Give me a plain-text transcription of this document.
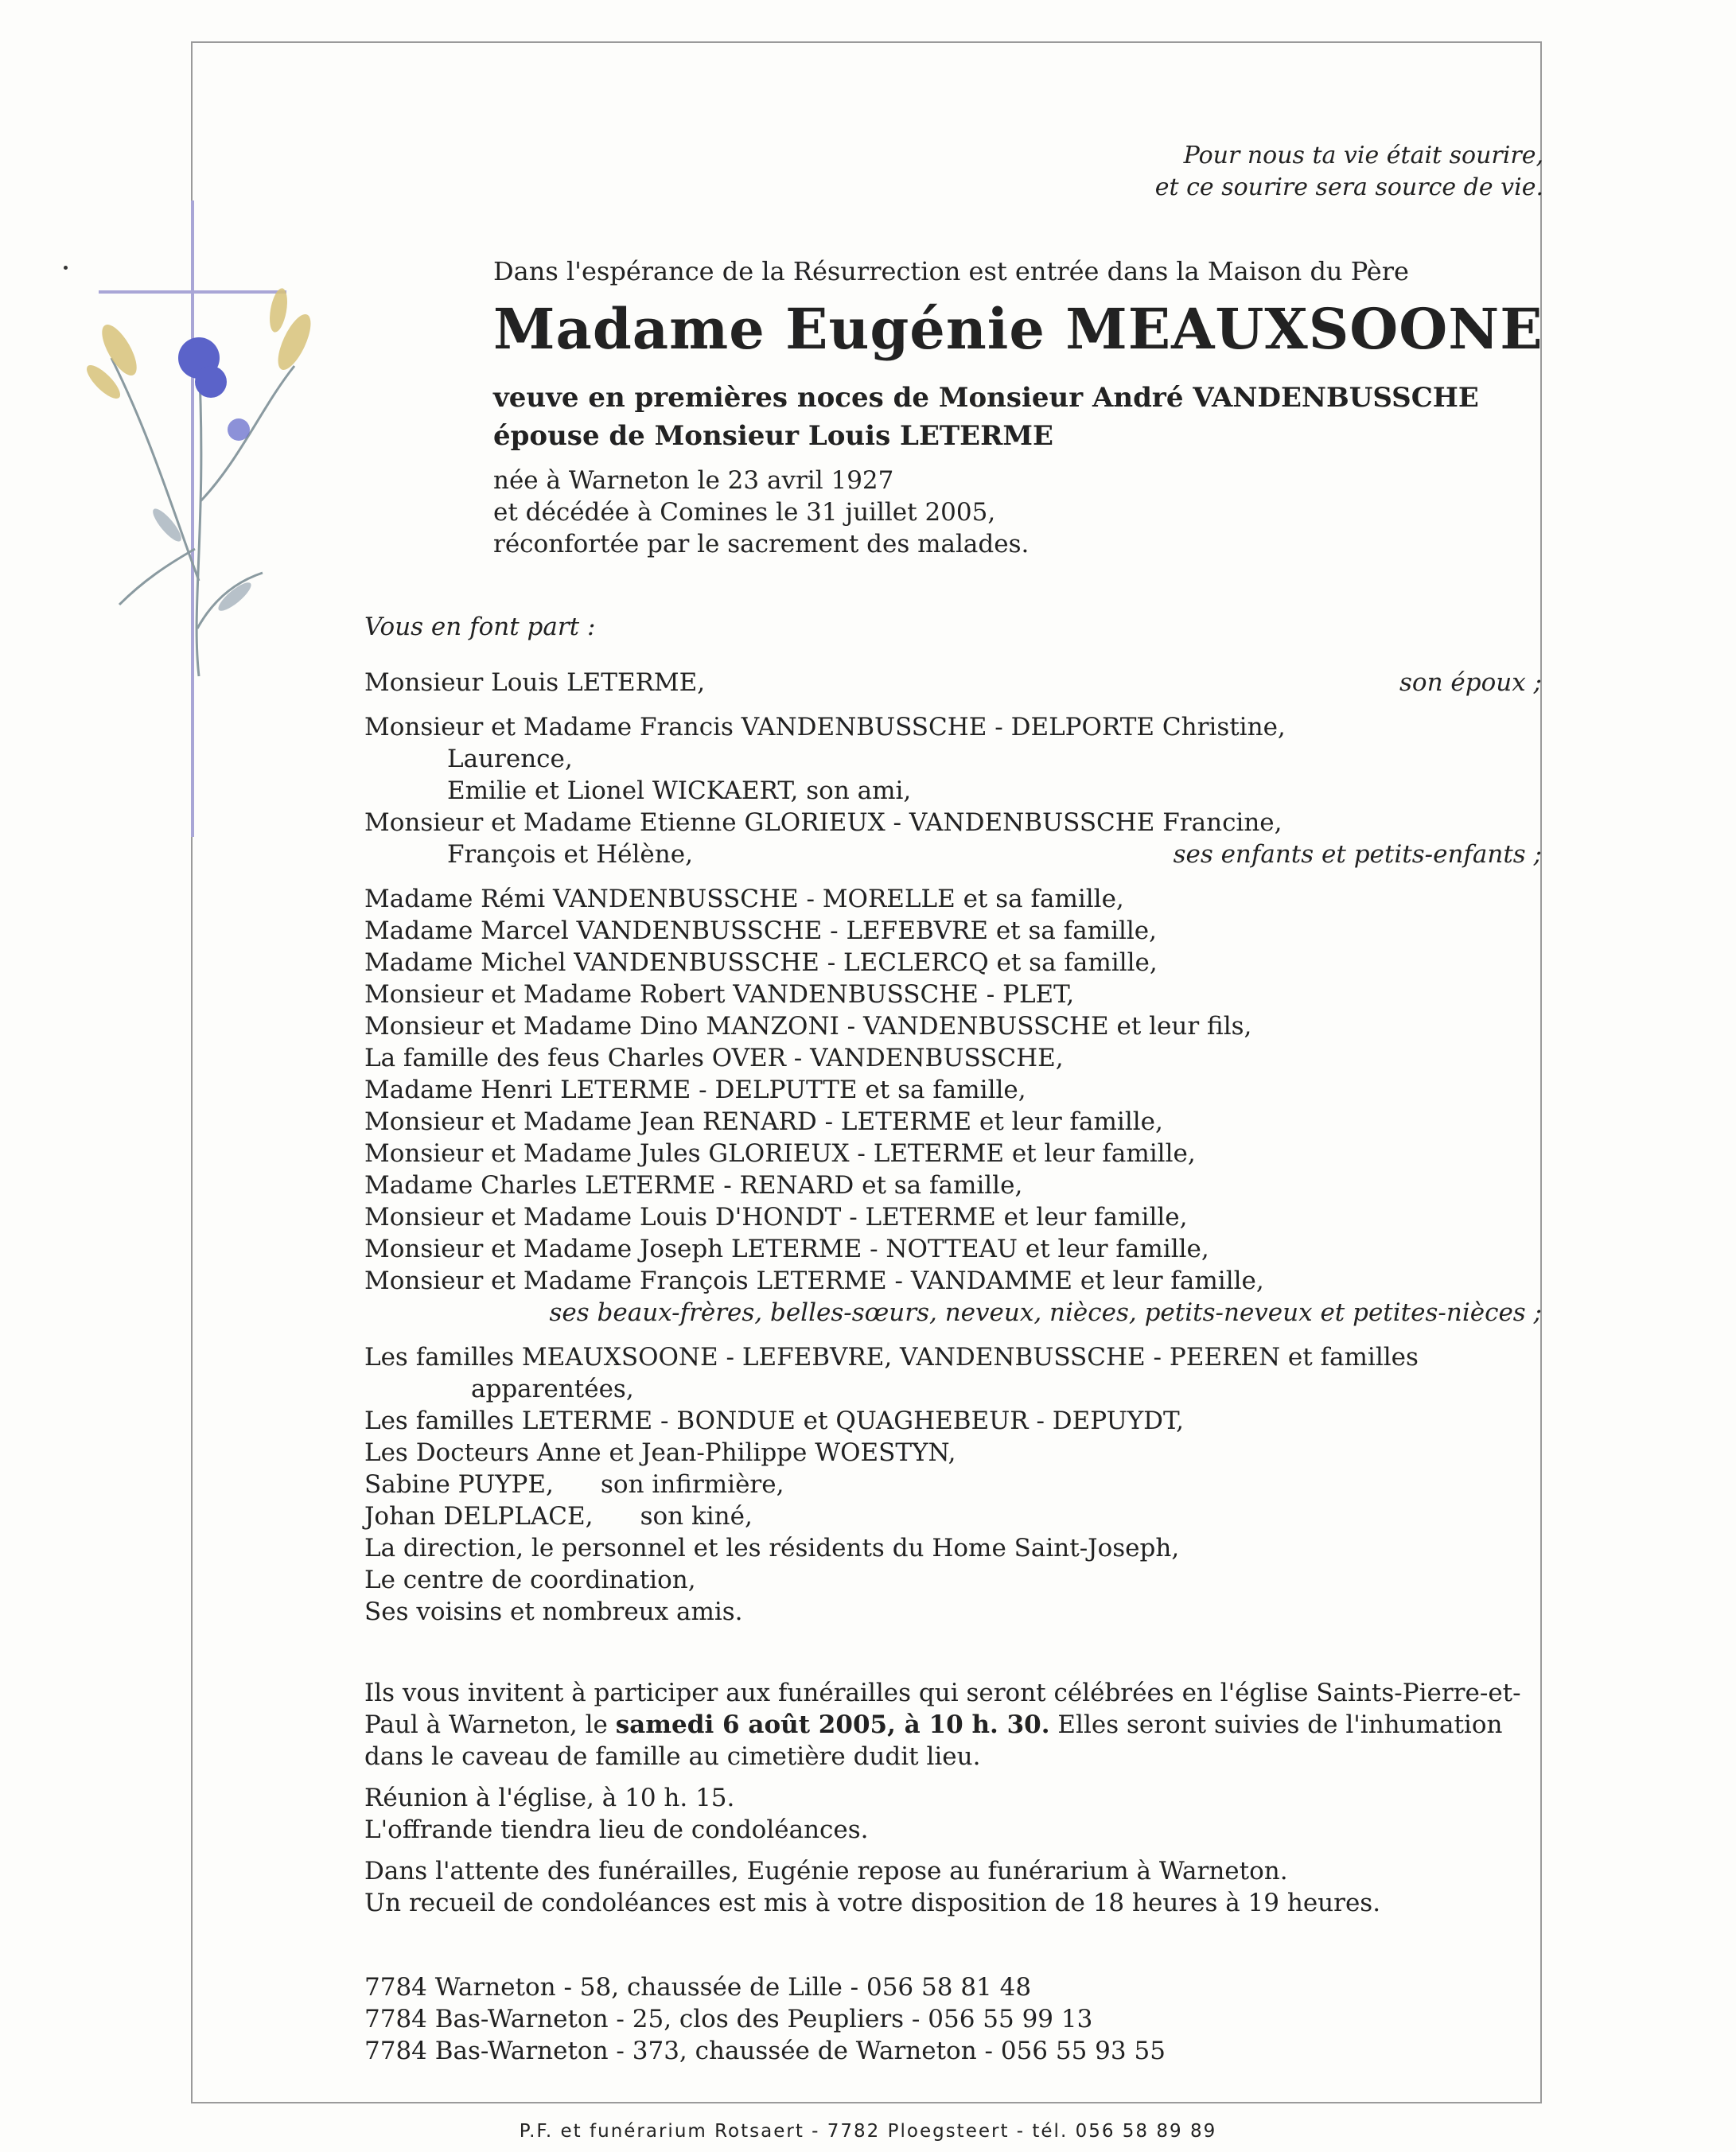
Pour nous ta vie était sourire,
et ce sourire sera source de vie.
Dans l'espérance de la Résurrection est entrée dans la Maison du Père
Madame Eugénie MEAUXSOONE
veuve en premières noces de Monsieur André VANDENBUSSCHE
épouse de Monsieur Louis LETERME
née à Warneton le 23 avril 1927
et décédée à Comines le 31 juillet 2005,
réconfortée par le sacrement des malades.
Vous en font part :
Monsieur Louis LETERME,	son époux ;
Monsieur et Madame Francis VANDENBUSSCHE - DELPORTE Christine,
Laurence,
Emilie et Lionel WICKAERT, son ami,
Monsieur et Madame Etienne GLORIEUX - VANDENBUSSCHE Francine,
François et Hélène,	ses enfants et petits-enfants ;
Madame Rémi VANDENBUSSCHE - MORELLE et sa famille,
Madame Marcel VANDENBUSSCHE - LEFEBVRE et sa famille,
Madame Michel VANDENBUSSCHE - LECLERCQ et sa famille,
Monsieur et Madame Robert VANDENBUSSCHE - PLET,
Monsieur et Madame Dino MANZONI - VANDENBUSSCHE et leur fils,
La famille des feus Charles OVER - VANDENBUSSCHE,
Madame Henri LETERME - DELPUTTE et sa famille,
Monsieur et Madame Jean RENARD - LETERME et leur famille,
Monsieur et Madame Jules GLORIEUX - LETERME et leur famille,
Madame Charles LETERME - RENARD et sa famille,
Monsieur et Madame Louis D'HONDT - LETERME et leur famille,
Monsieur et Madame Joseph LETERME - NOTTEAU et leur famille,
Monsieur et Madame François LETERME - VANDAMME et leur famille,
ses beaux-frères, belles-sœurs, neveux, nièces, petits-neveux et petites-nièces ;
Les familles MEAUXSOONE - LEFEBVRE, VANDENBUSSCHE - PEEREN et familles
apparentées,
Les familles LETERME - BONDUE et QUAGHEBEUR - DEPUYDT,
Les Docteurs Anne et Jean-Philippe WOESTYN,
Sabine PUYPE,      son infirmière,
Johan DELPLACE,      son kiné,
La direction, le personnel et les résidents du Home Saint-Joseph,
Le centre de coordination,
Ses voisins et nombreux amis.

Ils vous invitent à participer aux funérailles qui seront célébrées en l'église Saints-Pierre-et-Paul à Warneton, le samedi 6 août 2005, à 10 h. 30. Elles seront suivies de l'inhumation dans le caveau de famille au cimetière dudit lieu.

Réunion à l'église, à 10 h. 15.
L'offrande tiendra lieu de condoléances.

Dans l'attente des funérailles, Eugénie repose au funérarium à Warneton.
Un recueil de condoléances est mis à votre disposition de 18 heures à 19 heures.

7784 Warneton - 58, chaussée de Lille - 056 58 81 48
7784 Bas-Warneton - 25, clos des Peupliers - 056 55 99 13
7784 Bas-Warneton - 373, chaussée de Warneton - 056 55 93 55
P.F. et funérarium Rotsaert - 7782 Ploegsteert - tél. 056 58 89 89
